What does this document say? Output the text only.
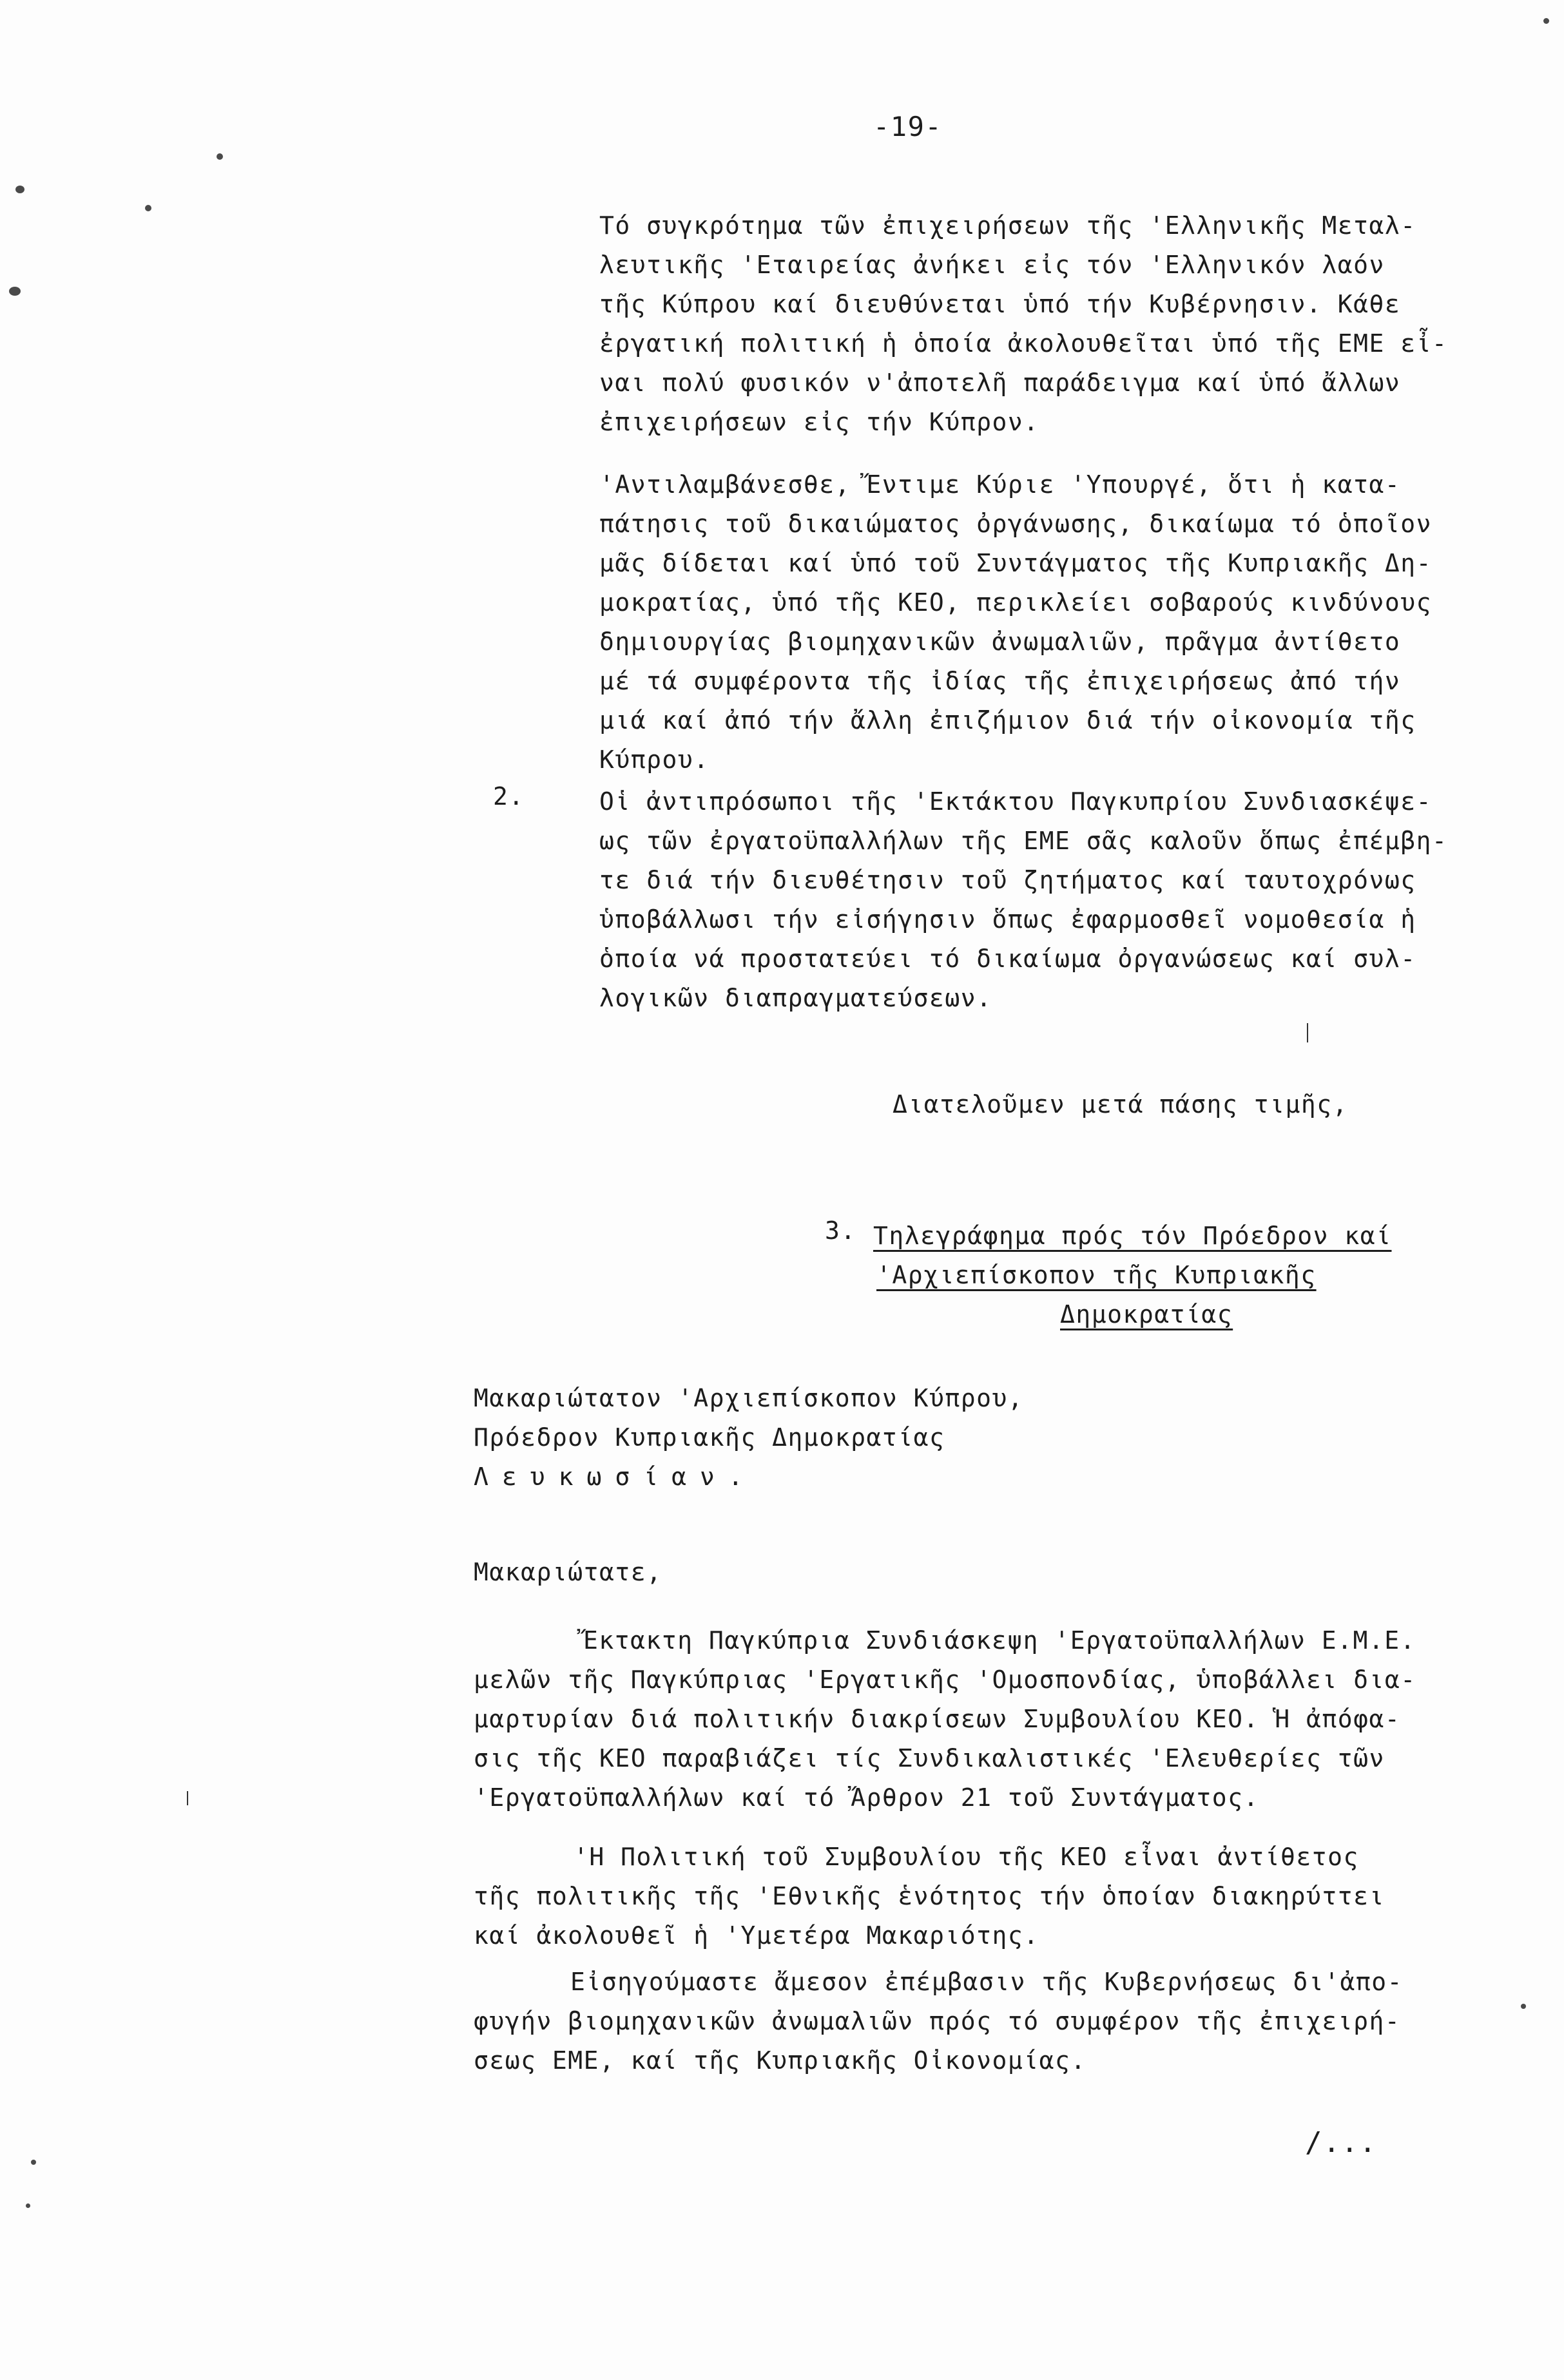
-19-
Τό συγκρότημα τῶν ἐπιχειρήσεων τῆς 'Ελληνικῆς Μεταλ-
λευτικῆς 'Εταιρείας ἀνήκει εἰς τόν 'Ελληνικόν λαόν
τῆς Κύπρου καί διευθύνεται ὑπό τήν Κυβέρνησιν. Κάθε
ἐργατική πολιτική ἡ ὁποία ἀκολουθεῖται ὑπό τῆς ΕΜΕ εἶ-
ναι πολύ φυσικόν ν'ἀποτελῆ παράδειγμα καί ὑπό ἄλλων
ἐπιχειρήσεων εἰς τήν Κύπρον.
'Αντιλαμβάνεσθε, Ἔντιμε Κύριε 'Υπουργέ, ὅτι ἡ κατα-
πάτησις τοῦ δικαιώματος ὀργάνωσης, δικαίωμα τό ὁποῖον
μᾶς δίδεται καί ὑπό τοῦ Συντάγματος τῆς Κυπριακῆς Δη-
μοκρατίας, ὑπό τῆς ΚΕΟ, περικλείει σοβαρούς κινδύνους
δημιουργίας βιομηχανικῶν ἀνωμαλιῶν, πρᾶγμα ἀντίθετο
μέ τά συμφέροντα τῆς ἰδίας τῆς ἐπιχειρήσεως ἀπό τήν
μιά καί ἀπό τήν ἄλλη ἐπιζήμιον διά τήν οἰκονομία τῆς
Κύπρου.
2.	Οἱ ἀντιπρόσωποι τῆς 'Εκτάκτου Παγκυπρίου Συνδιασκέψε-
ως τῶν ἐργατοϋπαλλήλων τῆς ΕΜΕ σᾶς καλοῦν ὅπως ἐπέμβη-
τε διά τήν διευθέτησιν τοῦ ζητήματος καί ταυτοχρόνως
ὑποβάλλωσι τήν εἰσήγησιν ὅπως ἐφαρμοσθεῖ νομοθεσία ἡ
ὁποία νά προστατεύει τό δικαίωμα ὀργανώσεως καί συλ-
λογικῶν διαπραγματεύσεων.
Διατελοῦμεν μετά πάσης τιμῆς,
3. Τηλεγράφημα πρός τόν Πρόεδρον καί
'Αρχιεπίσκοπον τῆς Κυπριακῆς
Δημοκρατίας
Μακαριώτατον 'Αρχιεπίσκοπον Κύπρου,
Πρόεδρον Κυπριακῆς Δημοκρατίας
Λευκωσίαν.
Μακαριώτατε,
Ἔκτακτη Παγκύπρια Συνδιάσκεψη 'Εργατοϋπαλλήλων Ε.Μ.Ε.
μελῶν τῆς Παγκύπριας 'Εργατικῆς 'Ομοσπονδίας, ὑποβάλλει δια-
μαρτυρίαν διά πολιτικήν διακρίσεων Συμβουλίου ΚΕΟ. Ἡ ἀπόφα-
σις τῆς ΚΕΟ παραβιάζει τίς Συνδικαλιστικές 'Ελευθερίες τῶν
'Εργατοϋπαλλήλων καί τό Ἄρθρον 21 τοῦ Συντάγματος.
'Η Πολιτική τοῦ Συμβουλίου τῆς ΚΕΟ εἶναι ἀντίθετος
τῆς πολιτικῆς τῆς 'Εθνικῆς ἑνότητος τήν ὁποίαν διακηρύττει
καί ἀκολουθεῖ ἡ 'Υμετέρα Μακαριότης.
Εἰσηγούμαστε ἄμεσον ἐπέμβασιν τῆς Κυβερνήσεως δι'ἀπο-
φυγήν βιομηχανικῶν ἀνωμαλιῶν πρός τό συμφέρον τῆς ἐπιχειρή-
σεως ΕΜΕ, καί τῆς Κυπριακῆς Οἰκονομίας.
/...
